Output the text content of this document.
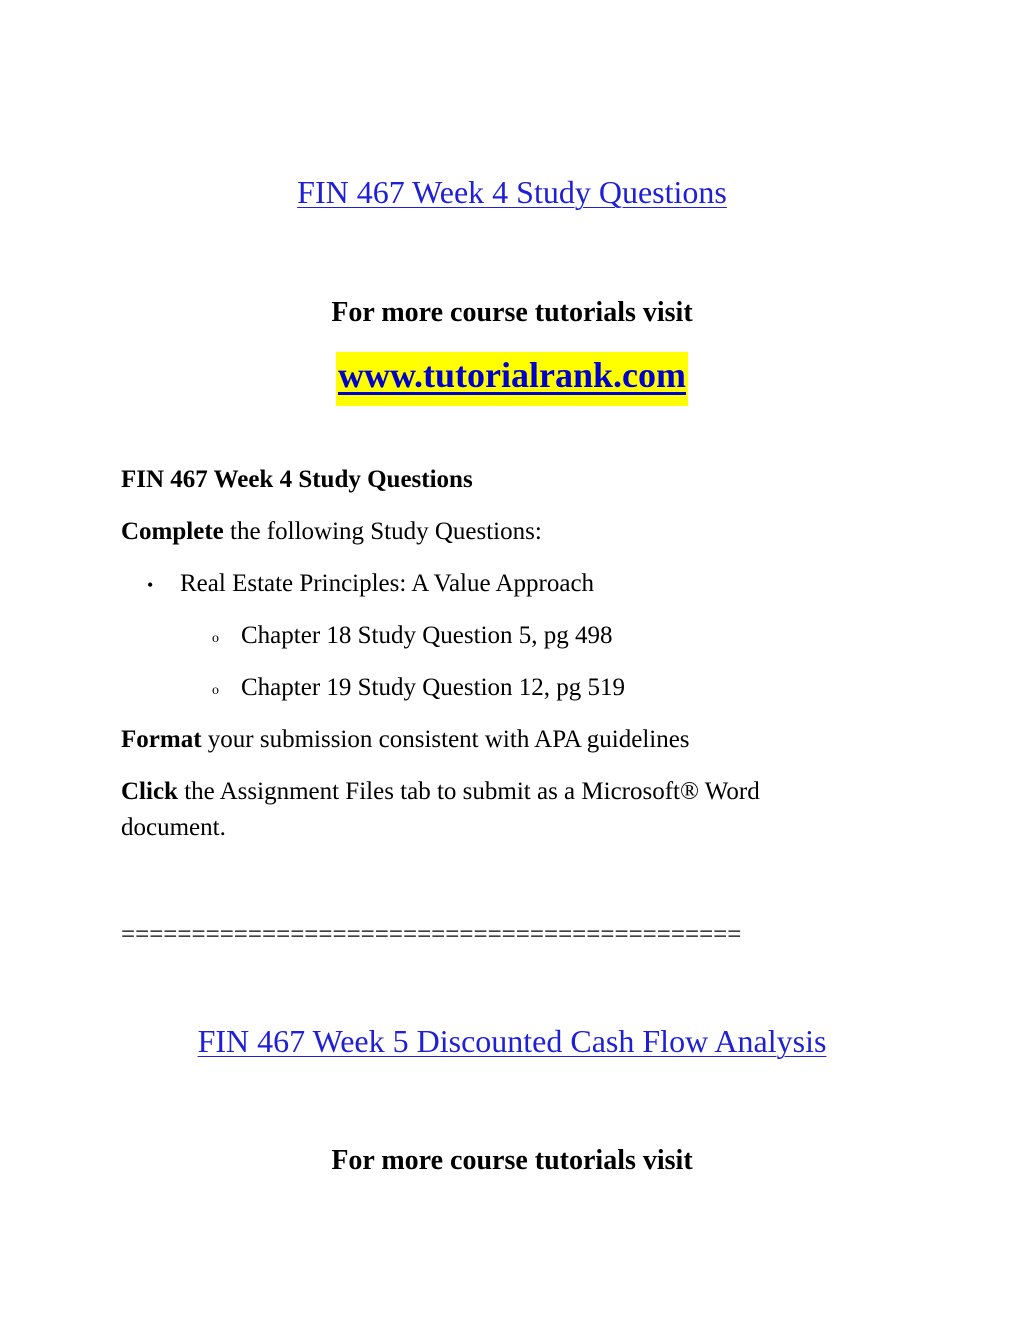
FIN 467 Week 4 Study Questions
For more course tutorials visit
www.tutorialrank.com
FIN 467 Week 4 Study Questions
Complete the following Study Questions:
• Real Estate Principles: A Value Approach
o Chapter 18 Study Question 5, pg 498
o Chapter 19 Study Question 12, pg 519
Format your submission consistent with APA guidelines
Click the Assignment Files tab to submit as a Microsoft® Word
document.
============================================
FIN 467 Week 5 Discounted Cash Flow Analysis
For more course tutorials visit
